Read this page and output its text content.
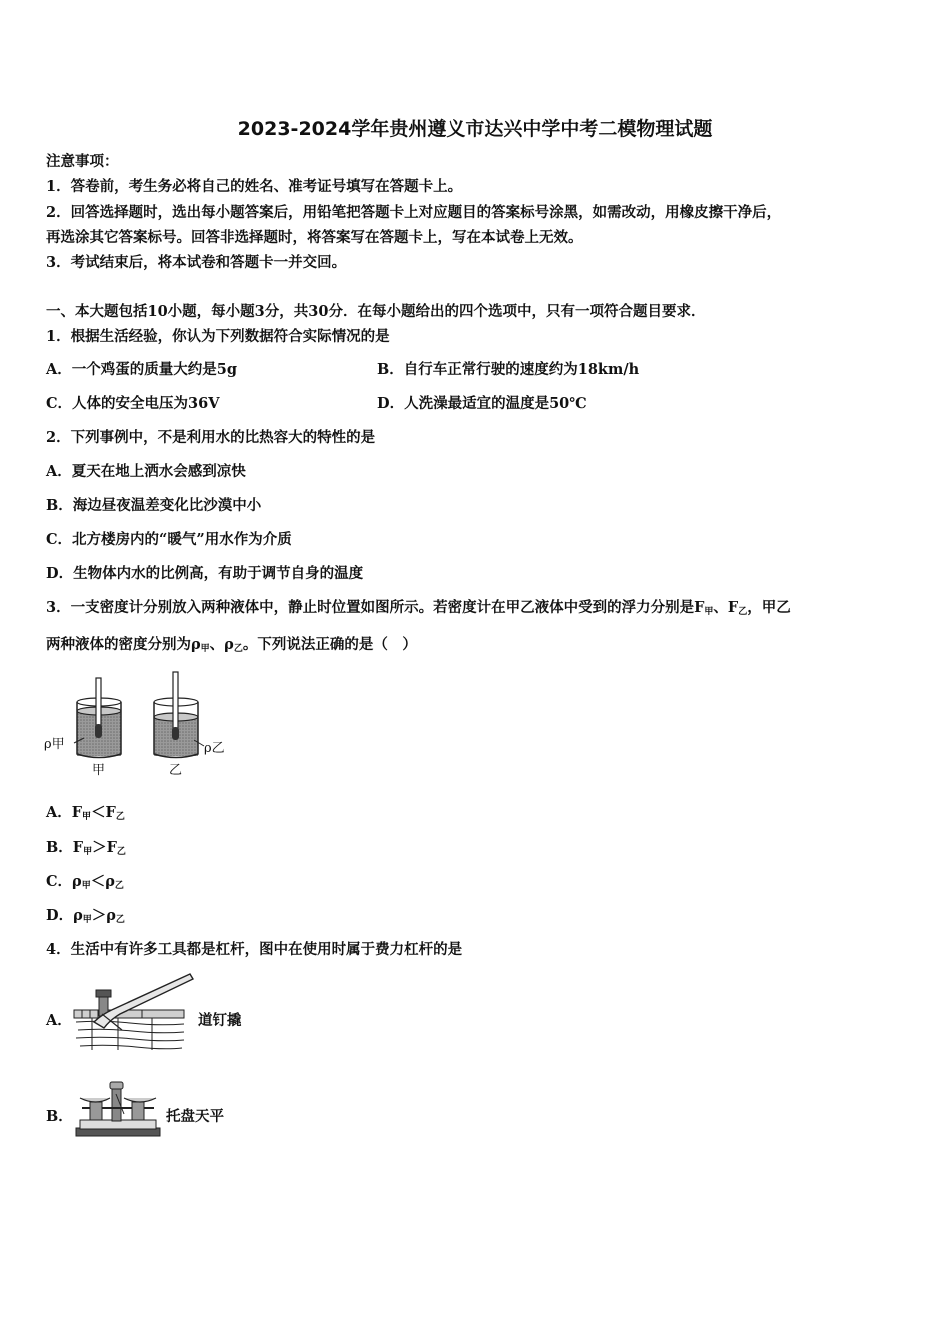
2023-2024学年贵州遵义市达兴中学中考二模物理试题
注意事项：
1．答卷前，考生务必将自己的姓名、准考证号填写在答题卡上。
2．回答选择题时，选出每小题答案后，用铅笔把答题卡上对应题目的答案标号涂黑，如需改动，用橡皮擦干净后，
再选涂其它答案标号。回答非选择题时，将答案写在答题卡上，写在本试卷上无效。
3．考试结束后，将本试卷和答题卡一并交回。
一、本大题包括10小题，每小题3分，共30分．在每小题给出的四个选项中，只有一项符合题目要求．
1．根据生活经验，你认为下列数据符合实际情况的是
A．一个鸡蛋的质量大约是5g	B．自行车正常行驶的速度约为18km/h
C．人体的安全电压为36V	D．人洗澡最适宜的温度是50℃
2．下列事例中，不是利用水的比热容大的特性的是
A．夏天在地上洒水会感到凉快
B．海边昼夜温差变化比沙漠中小
C．北方楼房内的“暖气”用水作为介质
D．生物体内水的比例高，有助于调节自身的温度
3．一支密度计分别放入两种液体中，静止时位置如图所示。若密度计在甲乙液体中受到的浮力分别是$F_甲$、$F_乙$，甲乙
两种液体的密度分别为$\rho_甲$、$\rho_乙$。下列说法正确的是（　）
ρ甲	ρ乙
甲	乙
A．$F_甲<F_乙$
B．$F_甲>F_乙$
C．$\rho_甲<\rho_乙$
D．$\rho_甲>\rho_乙$
4．生活中有许多工具都是杠杆，图中在使用时属于费力杠杆的是
A．	道钉撬
B．	托盘天平
